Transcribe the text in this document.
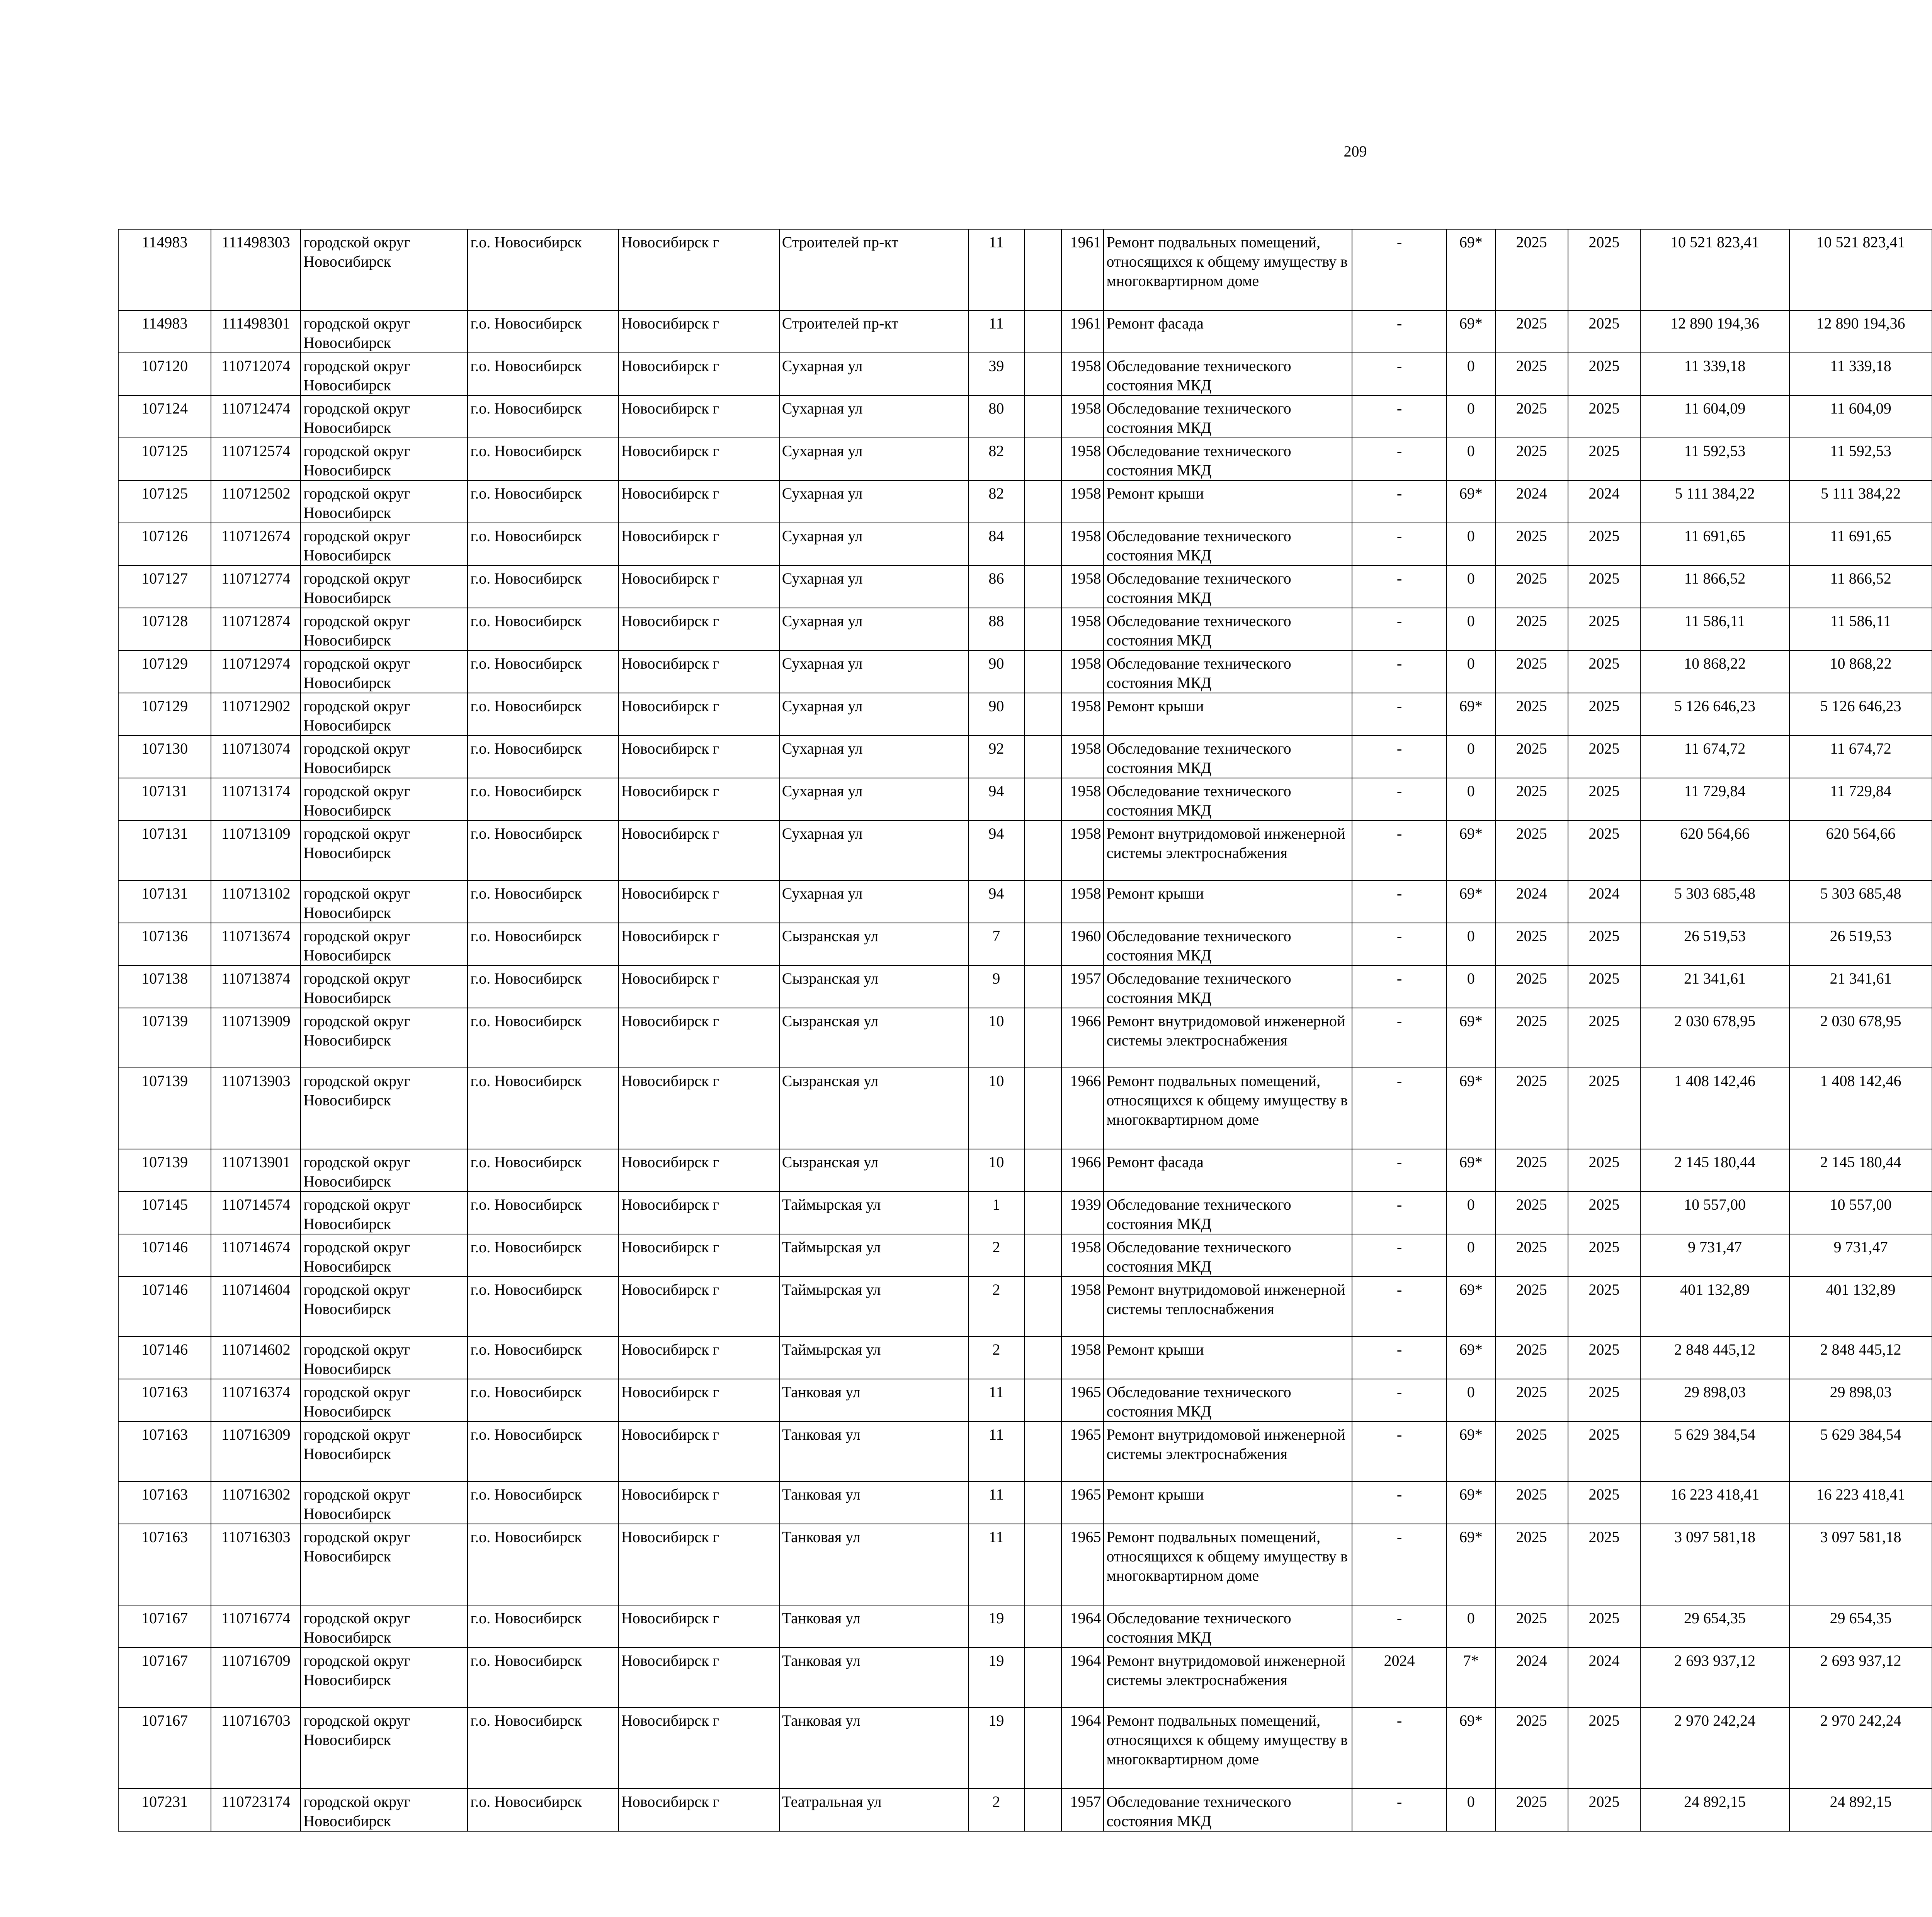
209
114983	111498303	городской округ Новосибирск	г.о. Новосибирск	Новосибирск г	Строителей пр-кт	11		1961	Ремонт подвальных помещений, относящихся к общему имуществу в многоквартирном доме	-	69*	2025	2025	10 521 823,41	10 521 823,41						
114983	111498301	городской округ Новосибирск	г.о. Новосибирск	Новосибирск г	Строителей пр-кт	11		1961	Ремонт фасада	-	69*	2025	2025	12 890 194,36	12 890 194,36						
107120	110712074	городской округ Новосибирск	г.о. Новосибирск	Новосибирск г	Сухарная ул	39		1958	Обследование технического состояния МКД	-	0	2025	2025	11 339,18	11 339,18						
107124	110712474	городской округ Новосибирск	г.о. Новосибирск	Новосибирск г	Сухарная ул	80		1958	Обследование технического состояния МКД	-	0	2025	2025	11 604,09	11 604,09						
107125	110712574	городской округ Новосибирск	г.о. Новосибирск	Новосибирск г	Сухарная ул	82		1958	Обследование технического состояния МКД	-	0	2025	2025	11 592,53	11 592,53						
107125	110712502	городской округ Новосибирск	г.о. Новосибирск	Новосибирск г	Сухарная ул	82		1958	Ремонт крыши	-	69*	2024	2024	5 111 384,22	5 111 384,22						
107126	110712674	городской округ Новосибирск	г.о. Новосибирск	Новосибирск г	Сухарная ул	84		1958	Обследование технического состояния МКД	-	0	2025	2025	11 691,65	11 691,65						
107127	110712774	городской округ Новосибирск	г.о. Новосибирск	Новосибирск г	Сухарная ул	86		1958	Обследование технического состояния МКД	-	0	2025	2025	11 866,52	11 866,52						
107128	110712874	городской округ Новосибирск	г.о. Новосибирск	Новосибирск г	Сухарная ул	88		1958	Обследование технического состояния МКД	-	0	2025	2025	11 586,11	11 586,11						
107129	110712974	городской округ Новосибирск	г.о. Новосибирск	Новосибирск г	Сухарная ул	90		1958	Обследование технического состояния МКД	-	0	2025	2025	10 868,22	10 868,22						
107129	110712902	городской округ Новосибирск	г.о. Новосибирск	Новосибирск г	Сухарная ул	90		1958	Ремонт крыши	-	69*	2025	2025	5 126 646,23	5 126 646,23						
107130	110713074	городской округ Новосибирск	г.о. Новосибирск	Новосибирск г	Сухарная ул	92		1958	Обследование технического состояния МКД	-	0	2025	2025	11 674,72	11 674,72						
107131	110713174	городской округ Новосибирск	г.о. Новосибирск	Новосибирск г	Сухарная ул	94		1958	Обследование технического состояния МКД	-	0	2025	2025	11 729,84	11 729,84						
107131	110713109	городской округ Новосибирск	г.о. Новосибирск	Новосибирск г	Сухарная ул	94		1958	Ремонт внутридомовой инженерной системы электроснабжения	-	69*	2025	2025	620 564,66	620 564,66						
107131	110713102	городской округ Новосибирск	г.о. Новосибирск	Новосибирск г	Сухарная ул	94		1958	Ремонт крыши	-	69*	2024	2024	5 303 685,48	5 303 685,48						
107136	110713674	городской округ Новосибирск	г.о. Новосибирск	Новосибирск г	Сызранская ул	7		1960	Обследование технического состояния МКД	-	0	2025	2025	26 519,53	26 519,53						
107138	110713874	городской округ Новосибирск	г.о. Новосибирск	Новосибирск г	Сызранская ул	9		1957	Обследование технического состояния МКД	-	0	2025	2025	21 341,61	21 341,61						
107139	110713909	городской округ Новосибирск	г.о. Новосибирск	Новосибирск г	Сызранская ул	10		1966	Ремонт внутридомовой инженерной системы электроснабжения	-	69*	2025	2025	2 030 678,95	2 030 678,95						
107139	110713903	городской округ Новосибирск	г.о. Новосибирск	Новосибирск г	Сызранская ул	10		1966	Ремонт подвальных помещений, относящихся к общему имуществу в многоквартирном доме	-	69*	2025	2025	1 408 142,46	1 408 142,46						
107139	110713901	городской округ Новосибирск	г.о. Новосибирск	Новосибирск г	Сызранская ул	10		1966	Ремонт фасада	-	69*	2025	2025	2 145 180,44	2 145 180,44						
107145	110714574	городской округ Новосибирск	г.о. Новосибирск	Новосибирск г	Таймырская ул	1		1939	Обследование технического состояния МКД	-	0	2025	2025	10 557,00	10 557,00						
107146	110714674	городской округ Новосибирск	г.о. Новосибирск	Новосибирск г	Таймырская ул	2		1958	Обследование технического состояния МКД	-	0	2025	2025	9 731,47	9 731,47						
107146	110714604	городской округ Новосибирск	г.о. Новосибирск	Новосибирск г	Таймырская ул	2		1958	Ремонт внутридомовой инженерной системы теплоснабжения	-	69*	2025	2025	401 132,89	401 132,89						
107146	110714602	городской округ Новосибирск	г.о. Новосибирск	Новосибирск г	Таймырская ул	2		1958	Ремонт крыши	-	69*	2025	2025	2 848 445,12	2 848 445,12						
107163	110716374	городской округ Новосибирск	г.о. Новосибирск	Новосибирск г	Танковая ул	11		1965	Обследование технического состояния МКД	-	0	2025	2025	29 898,03	29 898,03						
107163	110716309	городской округ Новосибирск	г.о. Новосибирск	Новосибирск г	Танковая ул	11		1965	Ремонт внутридомовой инженерной системы электроснабжения	-	69*	2025	2025	5 629 384,54	5 629 384,54						
107163	110716302	городской округ Новосибирск	г.о. Новосибирск	Новосибирск г	Танковая ул	11		1965	Ремонт крыши	-	69*	2025	2025	16 223 418,41	16 223 418,41						
107163	110716303	городской округ Новосибирск	г.о. Новосибирск	Новосибирск г	Танковая ул	11		1965	Ремонт подвальных помещений, относящихся к общему имуществу в многоквартирном доме	-	69*	2025	2025	3 097 581,18	3 097 581,18						
107167	110716774	городской округ Новосибирск	г.о. Новосибирск	Новосибирск г	Танковая ул	19		1964	Обследование технического состояния МКД	-	0	2025	2025	29 654,35	29 654,35						
107167	110716709	городской округ Новосибирск	г.о. Новосибирск	Новосибирск г	Танковая ул	19		1964	Ремонт внутридомовой инженерной системы электроснабжения	2024	7*	2024	2024	2 693 937,12	2 693 937,12						
107167	110716703	городской округ Новосибирск	г.о. Новосибирск	Новосибирск г	Танковая ул	19		1964	Ремонт подвальных помещений, относящихся к общему имуществу в многоквартирном доме	-	69*	2025	2025	2 970 242,24	2 970 242,24						
107231	110723174	городской округ Новосибирск	г.о. Новосибирск	Новосибирск г	Театральная ул	2		1957	Обследование технического состояния МКД	-	0	2025	2025	24 892,15	24 892,15						
